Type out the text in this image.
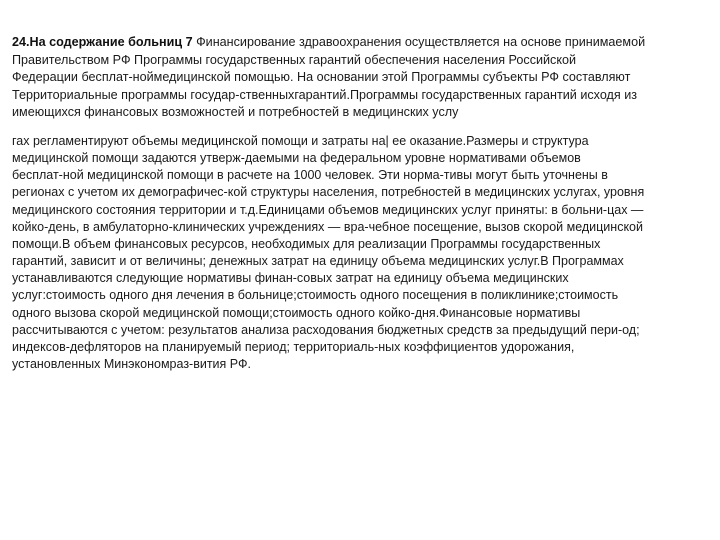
24.На содержание больниц 7 Финансирование здравоохранения осуществляется на основе принимаемой
Правительством РФ Программы государственных гарантий обеспечения населения Российской
Федерации бесплат-ноймедицинской помощью. На основании этой Программы субъекты РФ составляют
Территориальные программы государ-ственныхгарантий.Программы государственных гарантий исходя из
имеющихся финансовых возможностей и потребностей в медицинских услу
гах регламентируют объемы медицинской помощи и затраты на| ее оказание.Размеры и структура
медицинской помощи задаются утверж-даемыми на федеральном уровне нормативами объемов
бесплат-ной медицинской помощи в расчете на 1000 человек. Эти норма-тивы могут быть уточнены в
регионах с учетом их демографичес-кой структуры населения, потребностей в медицинских услугах, уровня
медицинского состояния территории и т.д.Единицами объемов медицинских услуг приняты: в больни-цах —
койко-день, в амбулаторно-клинических учреждениях — вра-чебное посещение, вызов скорой медицинской
помощи.В объем финансовых ресурсов, необходимых для реализации Программы государственных
гарантий, зависит и от величины; денежных затрат на единицу объема медицинских услуг.В Программах
устанавливаются следующие нормативы финан-совых затрат на единицу объема медицинских
услуг:стоимость одного дня лечения в больнице;стоимость одного посещения в поликлинике;стоимость
одного вызова скорой медицинской помощи;стоимость одного койко-дня.Финансовые нормативы
рассчитываются с учетом: результатов анализа расходования бюджетных средств за предыдущий пери-од;
индексов-дефляторов на планируемый период; территориаль-ных коэффициентов удорожания,
установленных Минэкономраз-вития РФ.
